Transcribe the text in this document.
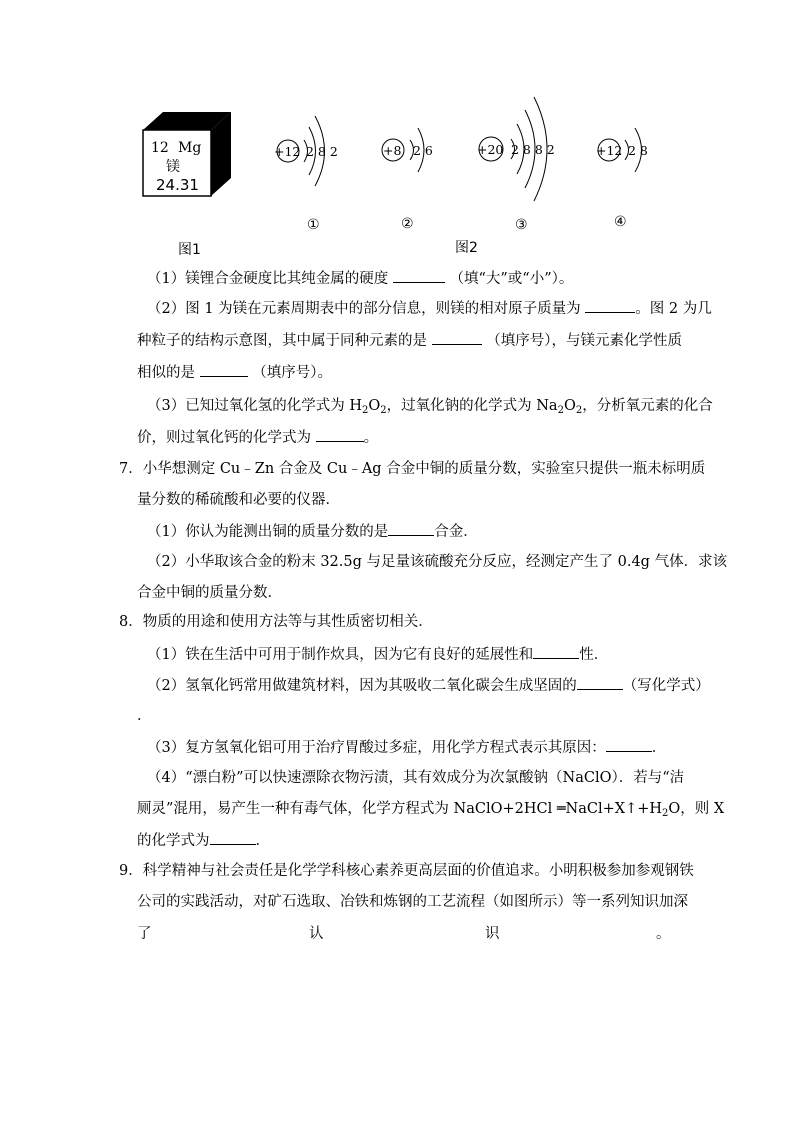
12 Mg
镁
24.31
+12 2 8 2	+8 2 6	+20 2 8 8 2	+12 2 8
①	②	③	④
图1	图2
（1）镁锂合金硬度比其纯金属的硬度	（填“大”或“小”）。
（2）图 1 为镁在元素周期表中的部分信息，则镁的相对原子质量为	。图 2 为几
种粒子的结构示意图，其中属于同种元素的是	（填序号），与镁元素化学性质
相似的是	（填序号）。
（3）已知过氧化氢的化学式为 $H_2O_2$，过氧化钠的化学式为 $Na_2O_2$，分析氧元素的化合
价，则过氧化钙的化学式为	。
7．小华想测定 Cu﹣Zn 合金及 Cu﹣Ag 合金中铜的质量分数，实验室只提供一瓶未标明质
量分数的稀硫酸和必要的仪器．
（1）你认为能测出铜的质量分数的是	合金．
（2）小华取该合金的粉末 32.5g 与足量该硫酸充分反应，经测定产生了 0.4g 气体．求该
合金中铜的质量分数．
8．物质的用途和使用方法等与其性质密切相关．
（1）铁在生活中可用于制作炊具，因为它有良好的延展性和	性．
（2）氢氧化钙常用做建筑材料，因为其吸收二氧化碳会生成坚固的	（写化学式）
．
（3）复方氢氧化铝可用于治疗胃酸过多症，用化学方程式表示其原因：	．
（4）“漂白粉”可以快速漂除衣物污渍，其有效成分为次氯酸钠（NaClO）．若与“洁
厕灵”混用，易产生一种有毒气体，化学方程式为 NaClO+2HCl $═NaCl+X↑+H_2O$，则 X
的化学式为	．
9．科学精神与社会责任是化学学科核心素养更高层面的价值追求。小明积极参加参观钢铁
公司的实践活动，对矿石选取、冶铁和炼钢的工艺流程（如图所示）等一系列知识加深
了	认	识	。
